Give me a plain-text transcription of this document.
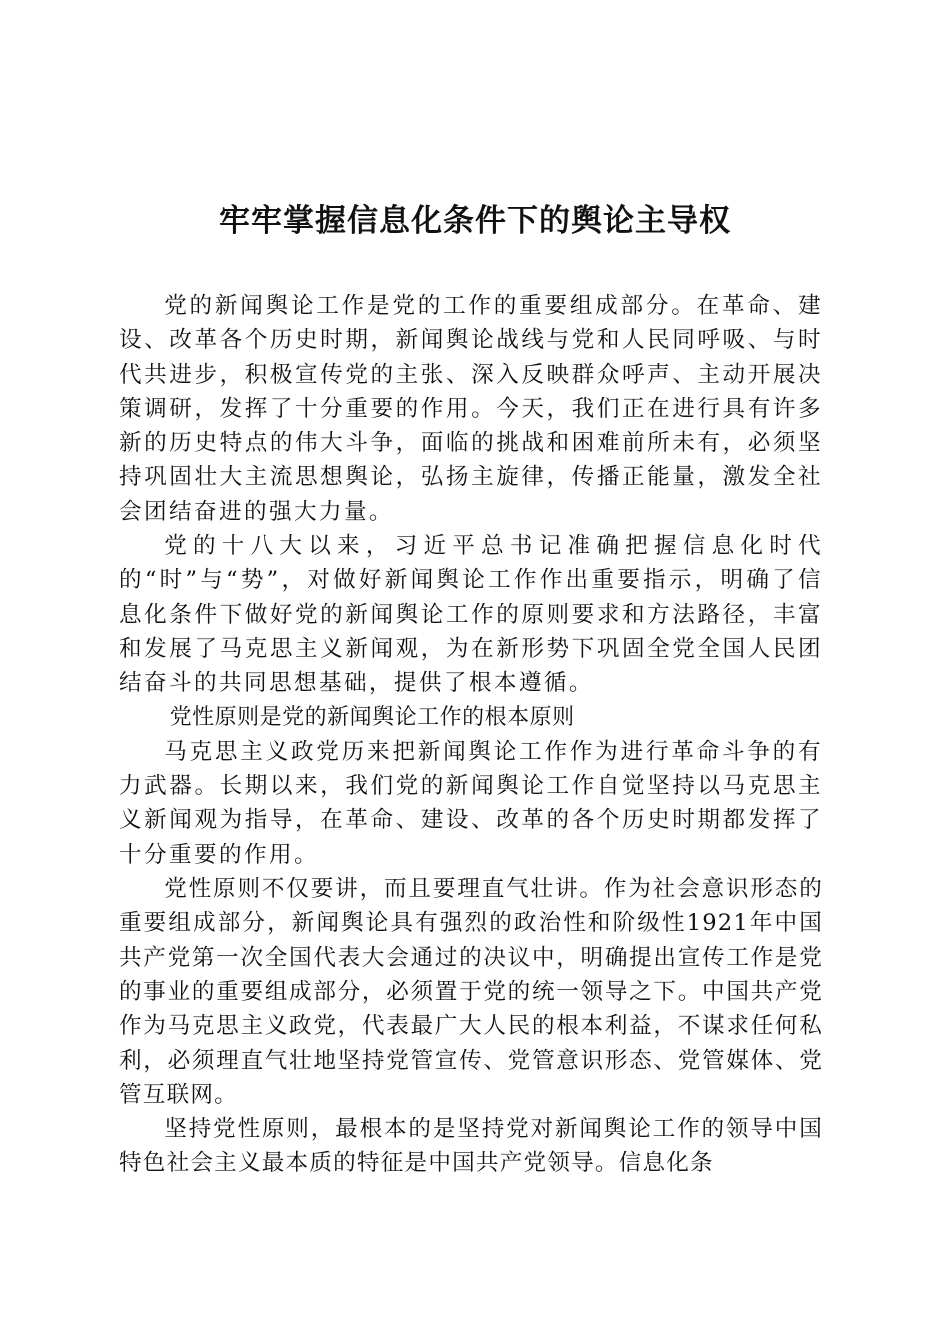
牢牢掌握信息化条件下的舆论主导权

党的新闻舆论工作是党的工作的重要组成部分。在革命、建设、改革各个历史时期，新闻舆论战线与党和人民同呼吸、与时代共进步，积极宣传党的主张、深入反映群众呼声、主动开展决策调研，发挥了十分重要的作用。今天，我们正在进行具有许多新的历史特点的伟大斗争，面临的挑战和困难前所未有，必须坚持巩固壮大主流思想舆论，弘扬主旋律，传播正能量，激发全社会团结奋进的强大力量。

党的十八大以来，习近平总书记准确把握信息化时代的“时”与“势”，对做好新闻舆论工作作出重要指示，明确了信息化条件下做好党的新闻舆论工作的原则要求和方法路径，丰富和发展了马克思主义新闻观，为在新形势下巩固全党全国人民团结奋斗的共同思想基础，提供了根本遵循。

党性原则是党的新闻舆论工作的根本原则

马克思主义政党历来把新闻舆论工作作为进行革命斗争的有力武器。长期以来，我们党的新闻舆论工作自觉坚持以马克思主义新闻观为指导，在革命、建设、改革的各个历史时期都发挥了十分重要的作用。

党性原则不仅要讲，而且要理直气壮讲。作为社会意识形态的重要组成部分，新闻舆论具有强烈的政治性和阶级性1921年中国共产党第一次全国代表大会通过的决议中，明确提出宣传工作是党的事业的重要组成部分，必须置于党的统一领导之下。中国共产党作为马克思主义政党，代表最广大人民的根本利益，不谋求任何私利，必须理直气壮地坚持党管宣传、党管意识形态、党管媒体、党管互联网。

坚持党性原则，最根本的是坚持党对新闻舆论工作的领导中国特色社会主义最本质的特征是中国共产党领导。信息化条
